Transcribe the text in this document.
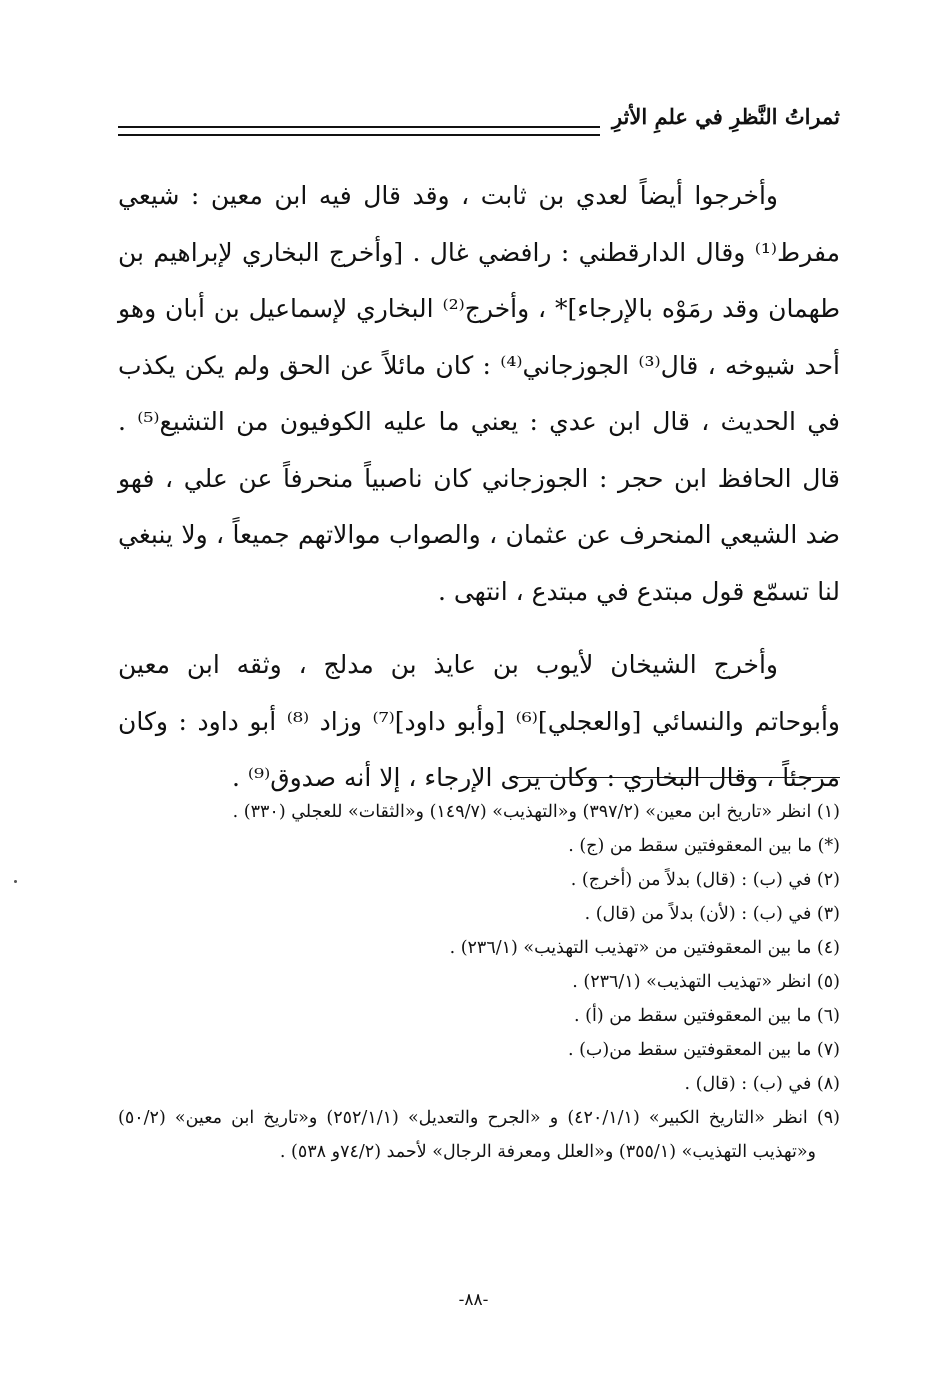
ثمراتُ النَّظرِ في علمِ الأثرِ

وأخرجوا أيضاً لعدي بن ثابت ، وقد قال فيه ابن معين : شيعي مفرط⁽¹⁾ وقال الدارقطني : رافضي غال . [وأخرج البخاري لإبراهيم بن طهمان وقد رمَوْه بالإرجاء]* ، وأخرج⁽²⁾ البخاري لإسماعيل بن أبان وهو أحد شيوخه ، قال⁽³⁾ الجوزجاني⁽⁴⁾ : كان مائلاً عن الحق ولم يكن يكذب في الحديث ، قال ابن عدي : يعني ما عليه الكوفيون من التشيع⁽⁵⁾ . قال الحافظ ابن حجر : الجوزجاني كان ناصبياً منحرفاً عن علي ، فهو ضد الشيعي المنحرف عن عثمان ، والصواب موالاتهم جميعاً ، ولا ينبغي لنا تسمّع قول مبتدع في مبتدع ، انتهى .

وأخرج الشيخان لأيوب بن عايذ بن مدلج ، وثقه ابن معين وأبوحاتم والنسائي [والعجلي]⁽⁶⁾ [وأبو داود]⁽⁷⁾ وزاد ⁽⁸⁾ أبو داود : وكان مرجئاً ، وقال البخاري : وكان يرى الإرجاء ، إلا أنه صدوق⁽⁹⁾ .

(١) انظر «تاريخ ابن معين» (٣٩٧/٢) و«التهذيب» (١٤٩/٧) و«الثقات» للعجلي (٣٣٠) .
(*) ما بين المعقوفتين سقط من (ج) .
(٢) في (ب) : (قال) بدلاً من (أخرج) .
(٣) في (ب) : (لأن) بدلاً من (قال) .
(٤) ما بين المعقوفتين من «تهذيب التهذيب» (٢٣٦/١) .
(٥) انظر «تهذيب التهذيب» (٢٣٦/١) .
(٦) ما بين المعقوفتين سقط من (أ) .
(٧) ما بين المعقوفتين سقط من(ب) .
(٨) في (ب) : (قال) .
(٩) انظر «التاريخ الكبير» (٤٢٠/١/١) و «الجرح والتعديل» (٢٥٢/١/١) و«تاريخ ابن معين» (٥٠/٢) و«تهذيب التهذيب» (٣٥٥/١) و«العلل ومعرفة الرجال» لأحمد (٧٤/٢و ٥٣٨) .
-٨٨-
